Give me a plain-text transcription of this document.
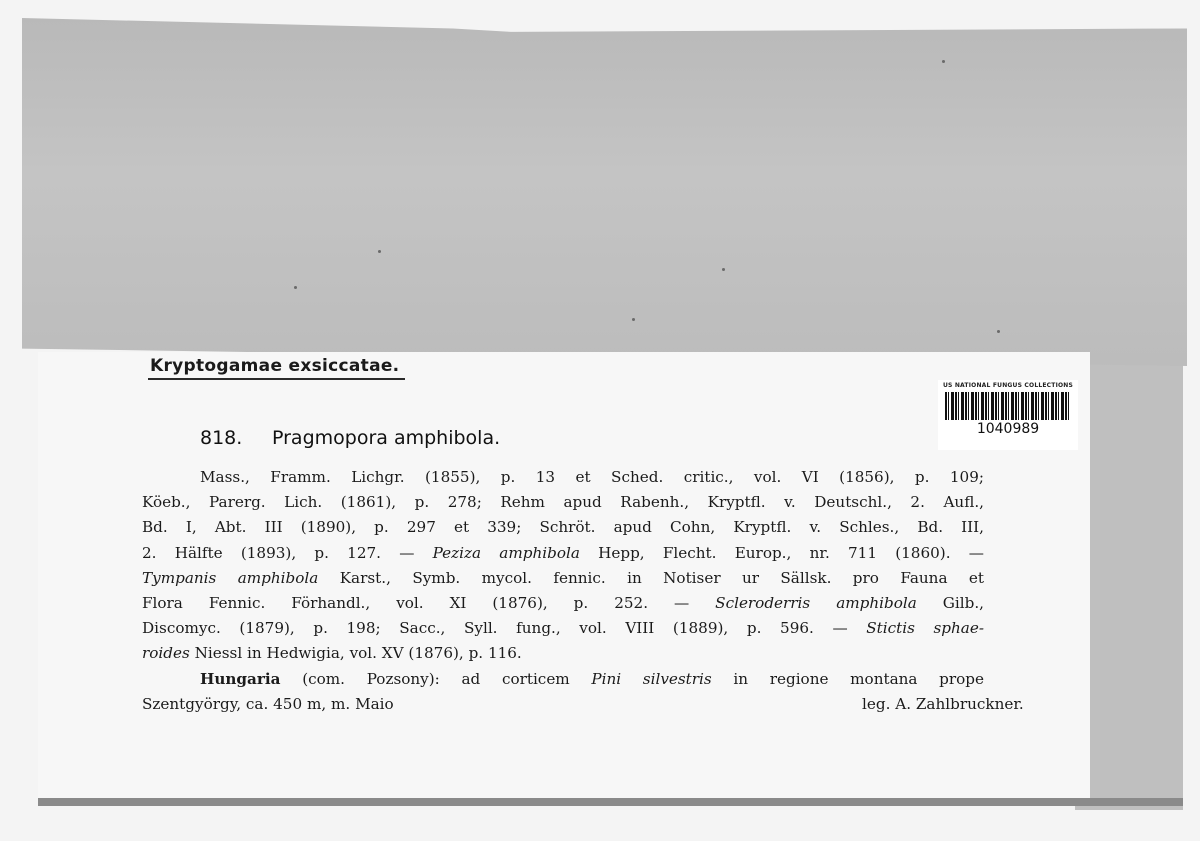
Kryptogamae exsiccatae.
US NATIONAL FUNGUS COLLECTIONS
1040989
818. Pragmopora amphibola.
Mass., Framm. Lichgr. (1855), p. 13 et Sched. critic., vol. VI (1856), p. 109;
Köeb., Parerg. Lich. (1861), p. 278; Rehm apud Rabenh., Kryptfl. v. Deutschl., 2. Aufl.,
Bd. I, Abt. III (1890), p. 297 et 339; Schröt. apud Cohn, Kryptfl. v. Schles., Bd. III,
2. Hälfte (1893), p. 127. — Peziza amphibola Hepp, Flecht. Europ., nr. 711 (1860). —
Tympanis amphibola Karst., Symb. mycol. fennic. in Notiser ur Sällsk. pro Fauna et
Flora Fennic. Förhandl., vol. XI (1876), p. 252. — Scleroderris amphibola Gilb.,
Discomyc. (1879), p. 198; Sacc., Syll. fung., vol. VIII (1889), p. 596. — Stictis sphae-
roides Niessl in Hedwigia, vol. XV (1876), p. 116.
Hungaria (com. Pozsony): ad corticem Pini silvestris in regione montana prope
Szentgyörgy, ca. 450 m, m. Maio	leg. A. Zahlbruckner.
